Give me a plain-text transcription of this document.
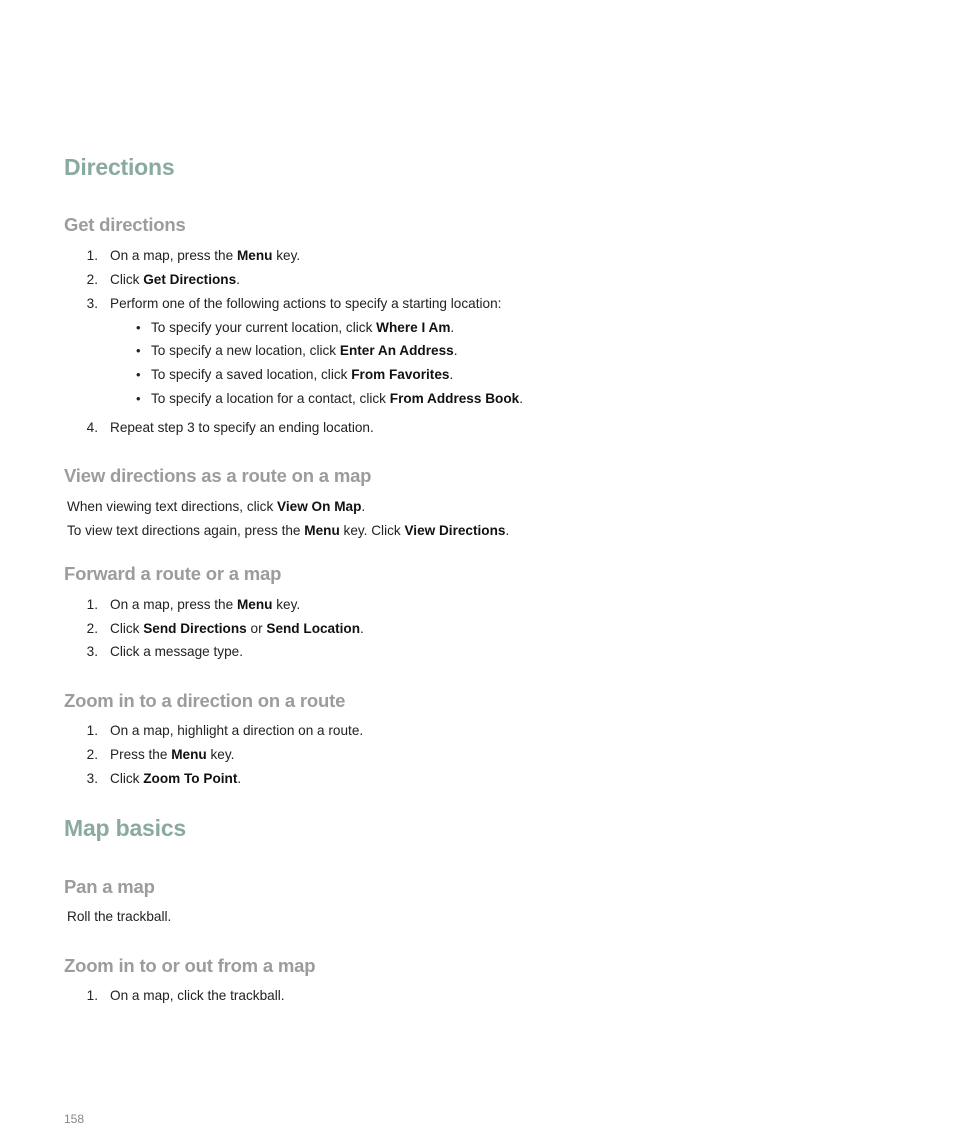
Directions
Get directions
1. On a map, press the Menu key.
2. Click Get Directions.
3. Perform one of the following actions to specify a starting location:
• To specify your current location, click Where I Am.
• To specify a new location, click Enter An Address.
• To specify a saved location, click From Favorites.
• To specify a location for a contact, click From Address Book.
4. Repeat step 3 to specify an ending location.
View directions as a route on a map
When viewing text directions, click View On Map.
To view text directions again, press the Menu key. Click View Directions.
Forward a route or a map
1. On a map, press the Menu key.
2. Click Send Directions or Send Location.
3. Click a message type.
Zoom in to a direction on a route
1. On a map, highlight a direction on a route.
2. Press the Menu key.
3. Click Zoom To Point.
Map basics
Pan a map
Roll the trackball.
Zoom in to or out from a map
1. On a map, click the trackball.
158
